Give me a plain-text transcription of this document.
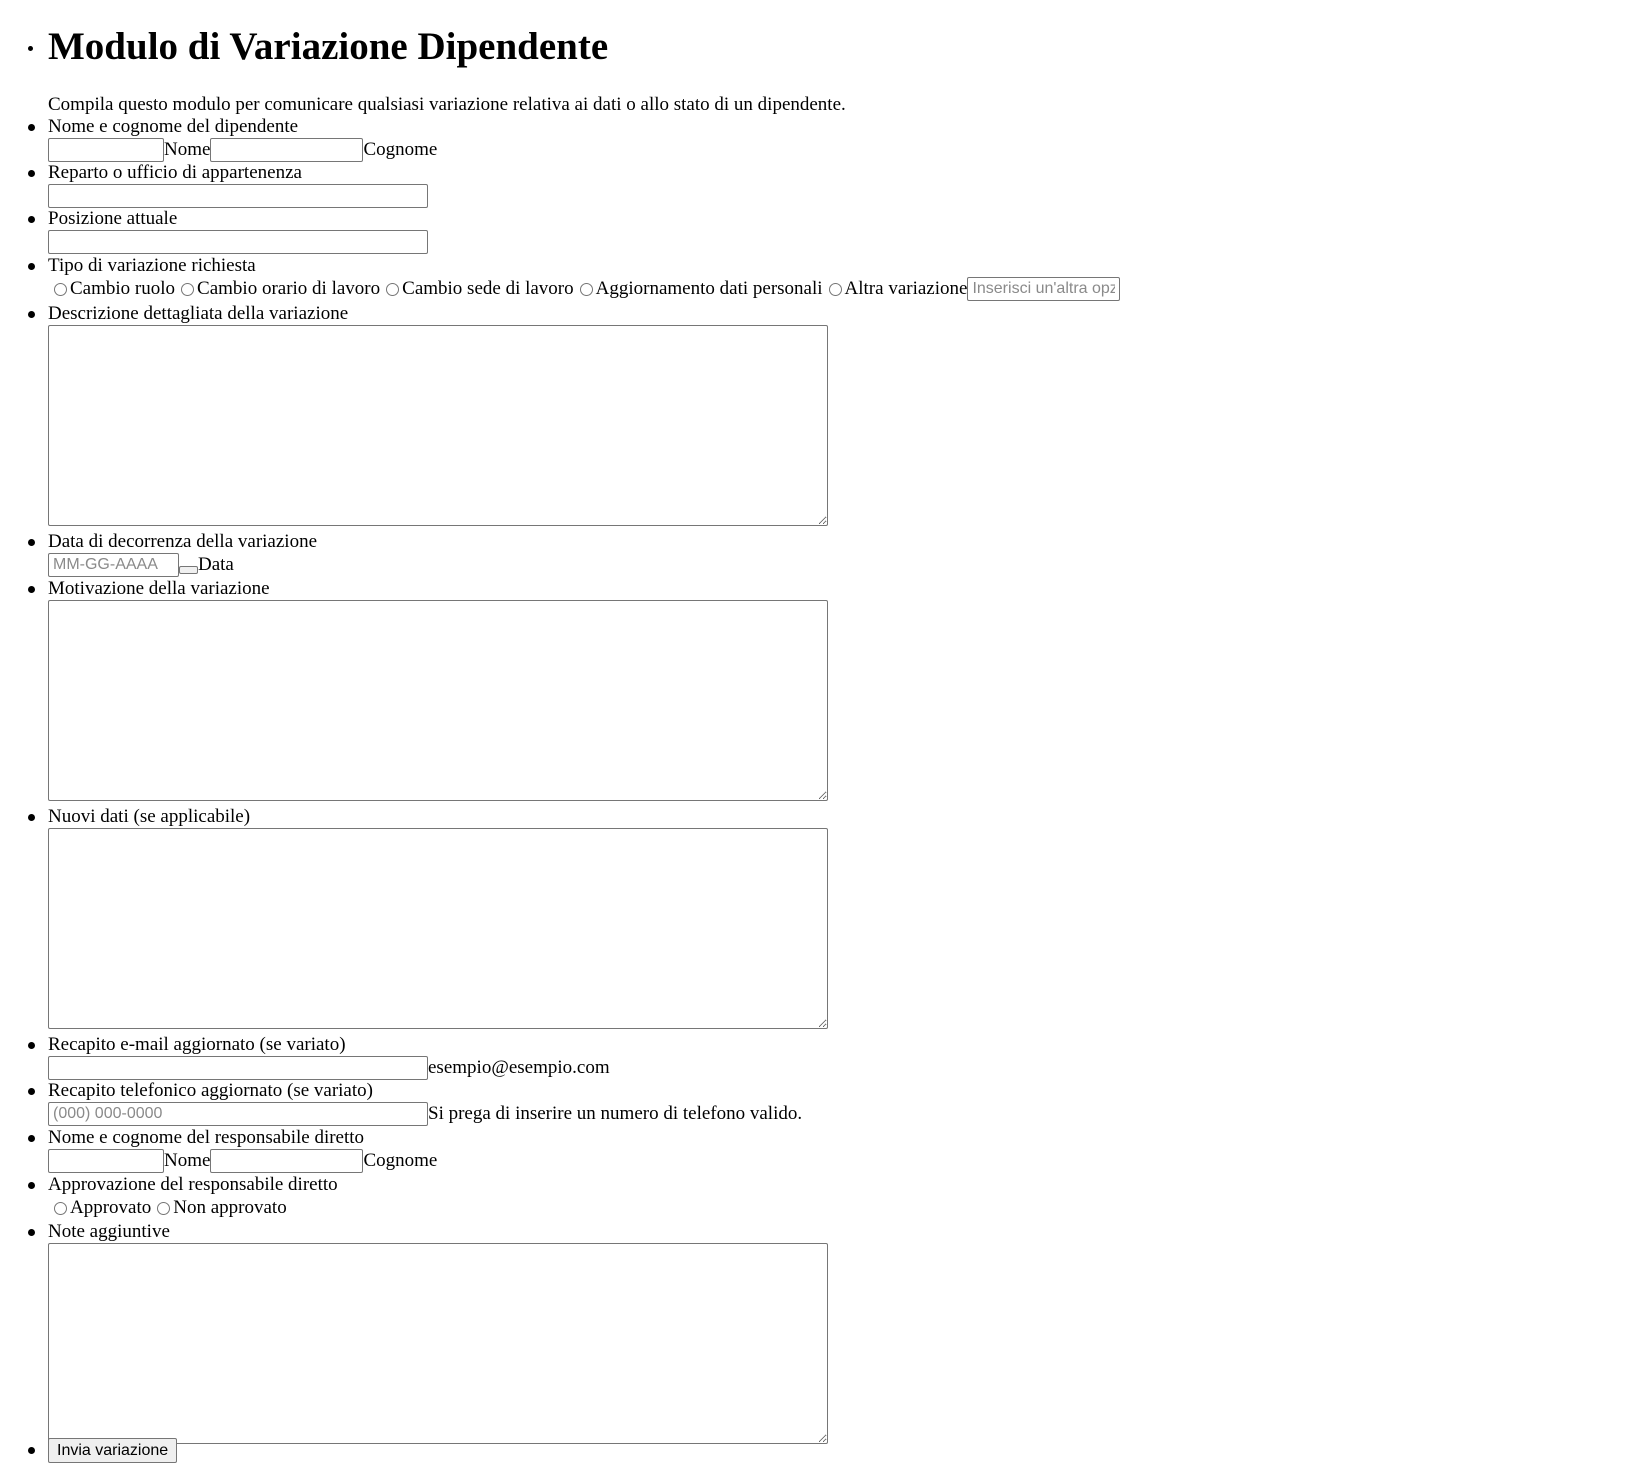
Modulo di Variazione Dipendente
Compila questo modulo per comunicare qualsiasi variazione relativa ai dati o allo stato di un dipendente.
Nome e cognome del dipendente
Nome	Cognome
Reparto o ufficio di appartenenza
Posizione attuale
Tipo di variazione richiesta
Cambio ruolo Cambio orario di lavoro Cambio sede di lavoro Aggiornamento dati personali Altra variazione
Inserisci un'altra opz
Descrizione dettagliata della variazione
Data di decorrenza della variazione
MM-GG-AAAA
Data
Motivazione della variazione
Nuovi dati (se applicabile)
Recapito e-mail aggiornato (se variato)
esempio@esempio.com
Recapito telefonico aggiornato (se variato)
(000) 000-0000
Si prega di inserire un numero di telefono valido.
Nome e cognome del responsabile diretto
Nome	Cognome
Approvazione del responsabile diretto
Approvato Non approvato
Note aggiuntive
Invia variazione
